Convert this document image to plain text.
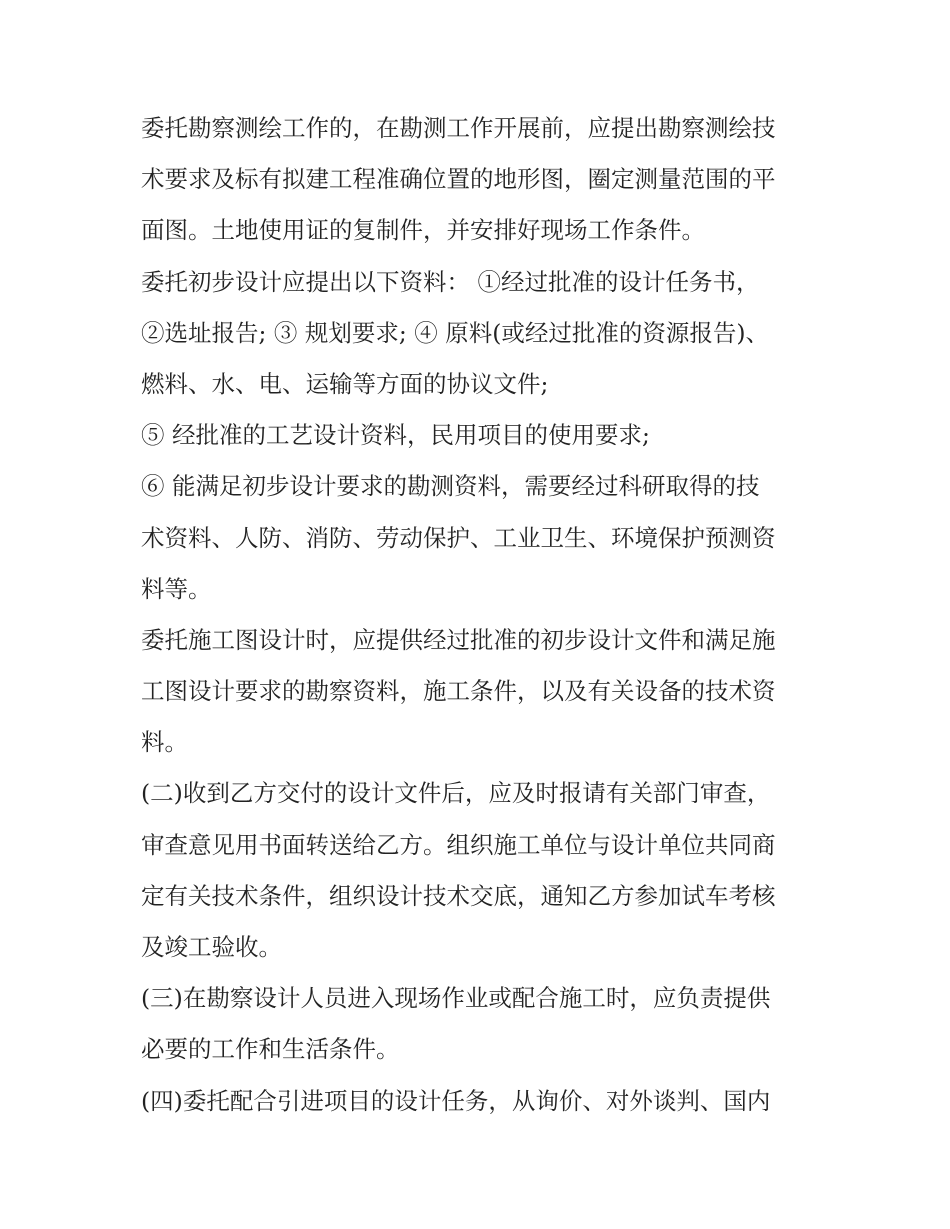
委托勘察测绘工作的，在勘测工作开展前，应提出勘察测绘技
术要求及标有拟建工程准确位置的地形图，圈定测量范围的平
面图。土地使用证的复制件，并安排好现场工作条件。
委托初步设计应提出以下资料： ①经过批准的设计任务书，
②选址报告; ③ 规划要求; ④ 原料(或经过批准的资源报告)、
燃料、水、电、运输等方面的协议文件;
⑤ 经批准的工艺设计资料，民用项目的使用要求;
⑥ 能满足初步设计要求的勘测资料，需要经过科研取得的技
术资料、人防、消防、劳动保护、工业卫生、环境保护预测资
料等。
委托施工图设计时，应提供经过批准的初步设计文件和满足施
工图设计要求的勘察资料，施工条件，以及有关设备的技术资
料。
(二)收到乙方交付的设计文件后，应及时报请有关部门审查，
审查意见用书面转送给乙方。组织施工单位与设计单位共同商
定有关技术条件，组织设计技术交底，通知乙方参加试车考核
及竣工验收。
(三)在勘察设计人员进入现场作业或配合施工时，应负责提供
必要的工作和生活条件。
(四)委托配合引进项目的设计任务，从询价、对外谈判、国内
